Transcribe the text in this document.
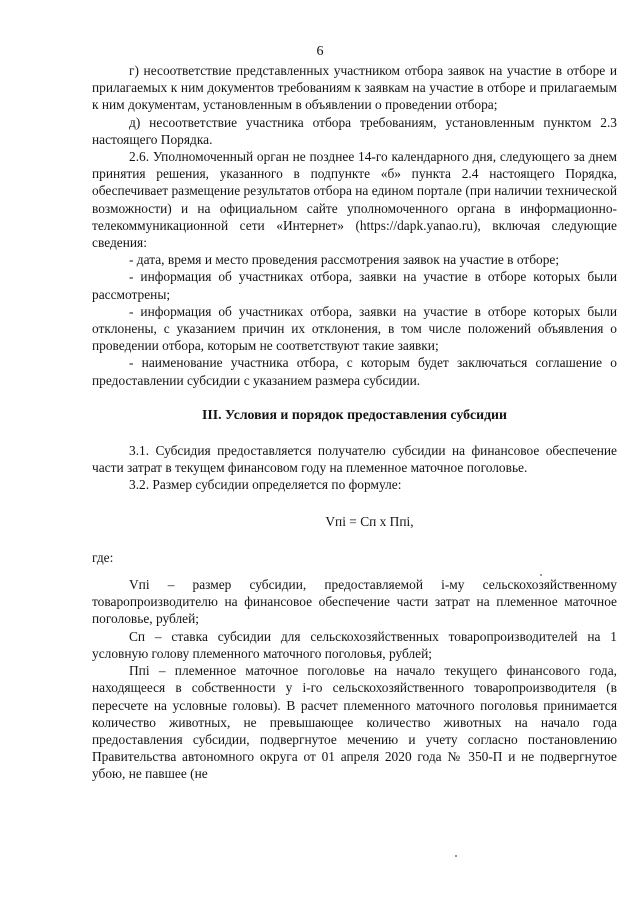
6

г) несоответствие представленных участником отбора заявок на участие в отборе и прилагаемых к ним документов требованиям к заявкам на участие в отборе и прилагаемым к ним документам, установленным в объявлении о проведении отбора;

д) несоответствие участника отбора требованиям, установленным пунктом 2.3 настоящего Порядка.

2.6. Уполномоченный орган не позднее 14-го календарного дня, следующего за днем принятия решения, указанного в подпункте «б» пункта 2.4 настоящего Порядка, обеспечивает размещение результатов отбора на едином портале (при наличии технической возможности) и на официальном сайте уполномоченного органа в информационно-телекоммуникационной сети «Интернет» (https://dapk.yanao.ru), включая следующие сведения:

- дата, время и место проведения рассмотрения заявок на участие в отборе;

- информация об участниках отбора, заявки на участие в отборе которых были рассмотрены;

- информация об участниках отбора, заявки на участие в отборе которых были отклонены, с указанием причин их отклонения, в том числе положений объявления о проведении отбора, которым не соответствуют такие заявки;

- наименование участника отбора, с которым будет заключаться соглашение о предоставлении субсидии с указанием размера субсидии.

III. Условия и порядок предоставления субсидии

3.1. Субсидия предоставляется получателю субсидии на финансовое обеспечение части затрат в текущем финансовом году на племенное маточное поголовье.

3.2. Размер субсидии определяется по формуле:

Vпi = Сп х Ппi,

где:

Vпi – размер субсидии, предоставляемой i-му сельскохозяйственному товаропроизводителю на финансовое обеспечение части затрат на племенное маточное поголовье, рублей;

Сп – ставка субсидии для сельскохозяйственных товаропроизводителей на 1 условную голову племенного маточного поголовья, рублей;

Ппi – племенное маточное поголовье на начало текущего финансового года, находящееся в собственности у i-го сельскохозяйственного товаропроизводителя (в пересчете на условные головы). В расчет племенного маточного поголовья принимается количество животных, не превышающее количество животных на начало года предоставления субсидии, подвергнутое мечению и учету согласно постановлению Правительства автономного округа от 01 апреля 2020 года № 350-П и не подвергнутое убою, не павшее (не
